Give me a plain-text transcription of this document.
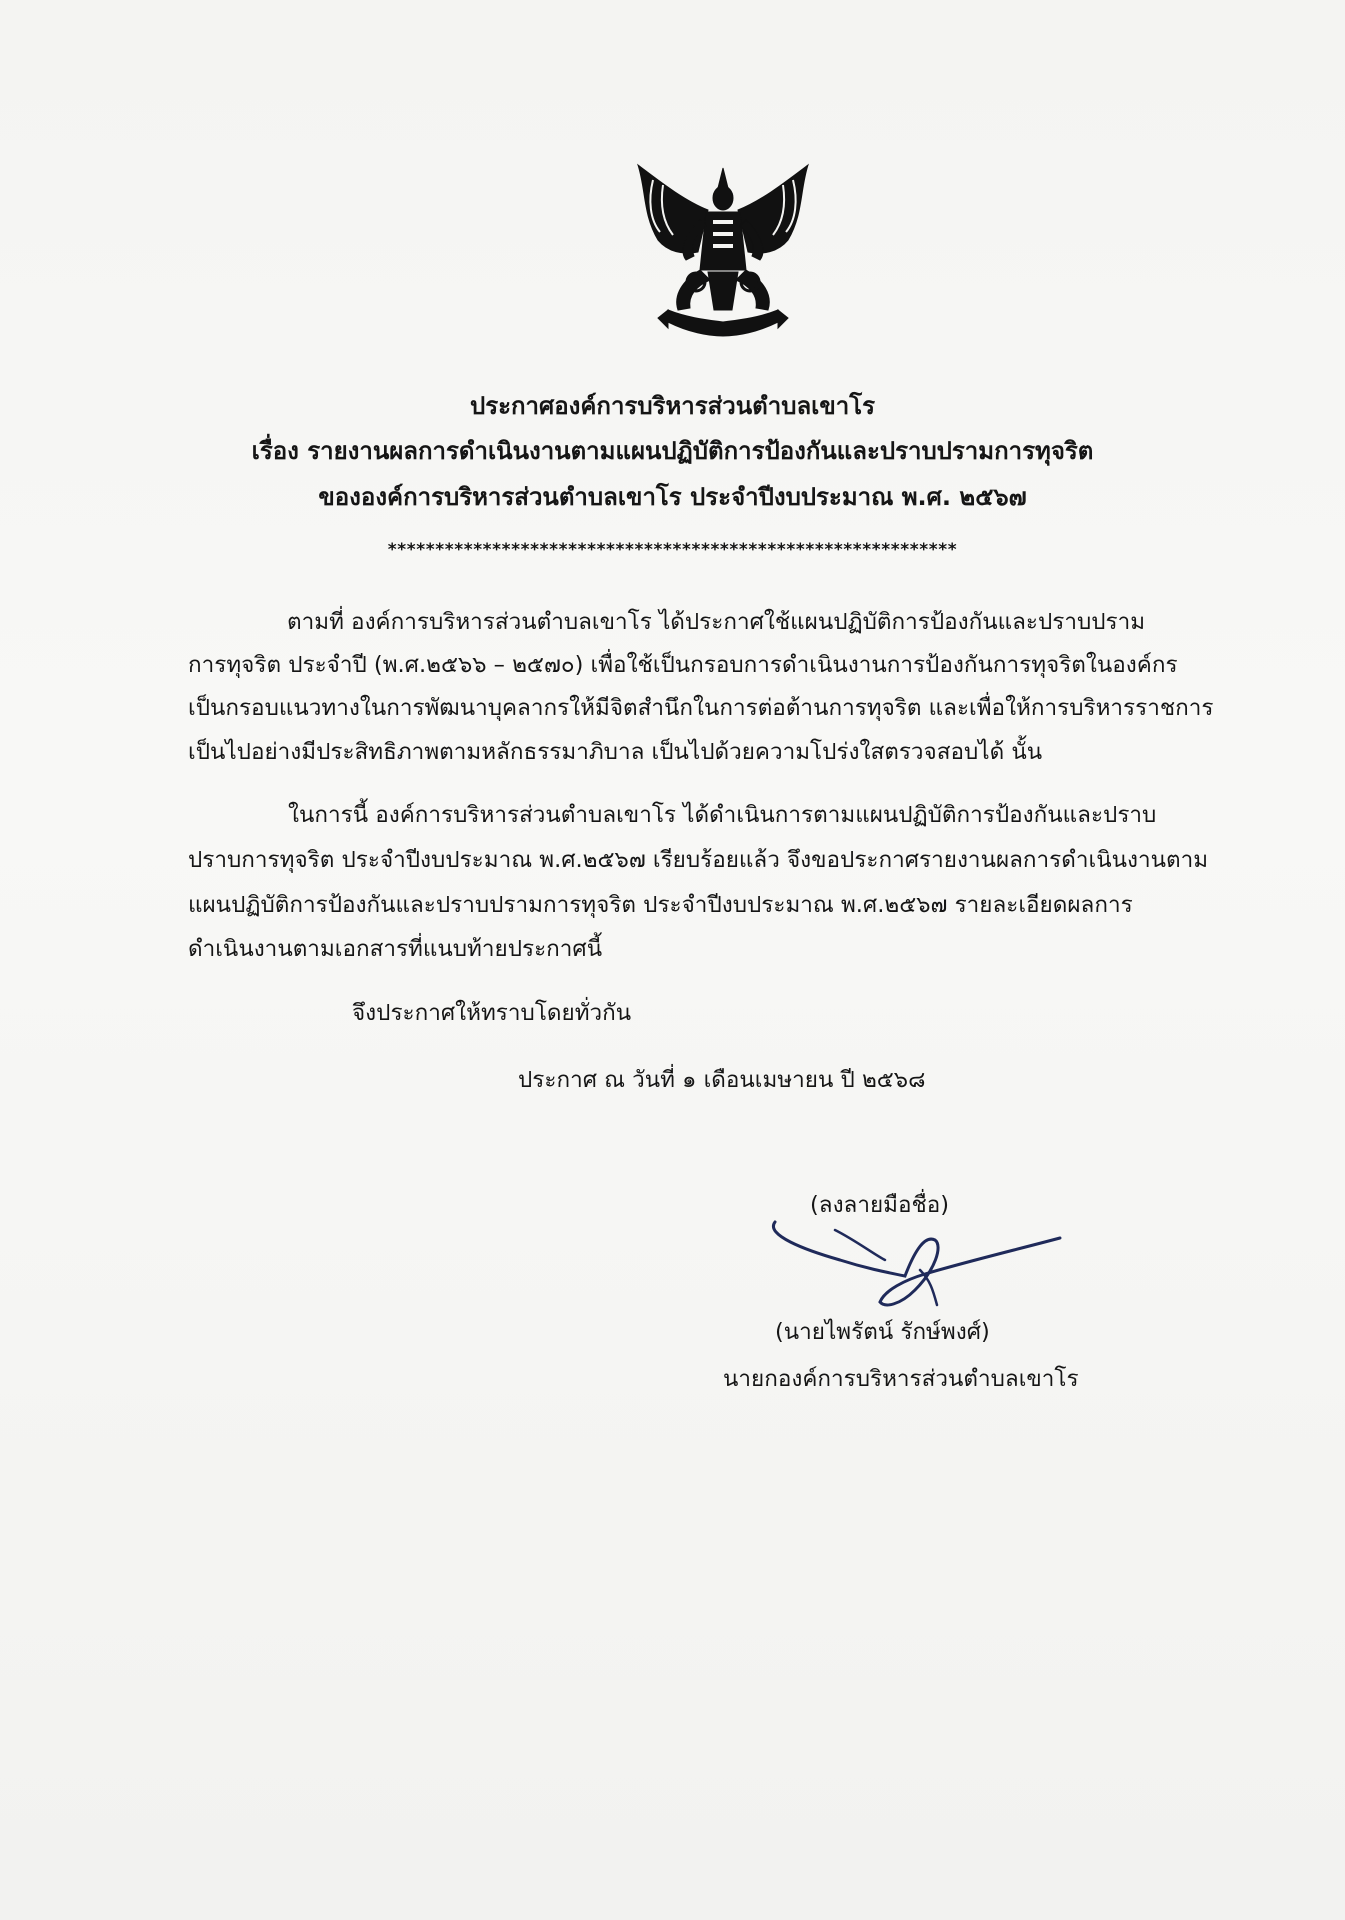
ประกาศองค์การบริหารส่วนตำบลเขาโร
เรื่อง รายงานผลการดำเนินงานตามแผนปฏิบัติการป้องกันและปราบปรามการทุจริต
ขององค์การบริหารส่วนตำบลเขาโร ประจำปีงบประมาณ พ.ศ. ๒๕๖๗
************************************************************
ตามที่ องค์การบริหารส่วนตำบลเขาโร ได้ประกาศใช้แผนปฏิบัติการป้องกันและปราบปราม
การทุจริต ประจำปี (พ.ศ.๒๕๖๖ – ๒๕๗๐) เพื่อใช้เป็นกรอบการดำเนินงานการป้องกันการทุจริตในองค์กร
เป็นกรอบแนวทางในการพัฒนาบุคลากรให้มีจิตสำนึกในการต่อต้านการทุจริต และเพื่อให้การบริหารราชการ
เป็นไปอย่างมีประสิทธิภาพตามหลักธรรมาภิบาล เป็นไปด้วยความโปร่งใสตรวจสอบได้ นั้น
ในการนี้ องค์การบริหารส่วนตำบลเขาโร ได้ดำเนินการตามแผนปฏิบัติการป้องกันและปราบ
ปราบการทุจริต ประจำปีงบประมาณ พ.ศ.๒๕๖๗ เรียบร้อยแล้ว จึงขอประกาศรายงานผลการดำเนินงานตาม
แผนปฏิบัติการป้องกันและปราบปรามการทุจริต ประจำปีงบประมาณ พ.ศ.๒๕๖๗ รายละเอียดผลการ
ดำเนินงานตามเอกสารที่แนบท้ายประกาศนี้
จึงประกาศให้ทราบโดยทั่วกัน
ประกาศ ณ วันที่ ๑ เดือนเมษายน ปี ๒๕๖๘
(ลงลายมือชื่อ)
(นายไพรัตน์ รักษ์พงศ์)
นายกองค์การบริหารส่วนตำบลเขาโร
